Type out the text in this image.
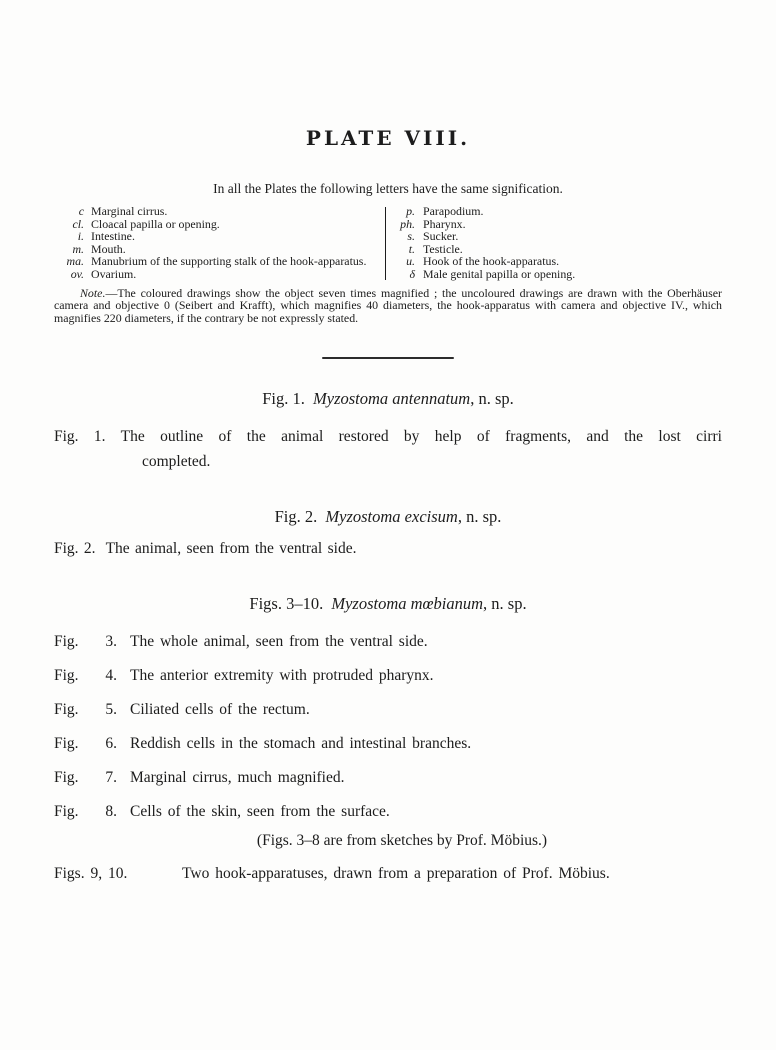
PLATE VIII.

In all the Plates the following letters have the same signification.

c Marginal cirrus.
cl. Cloacal papilla or opening.
i. Intestine.
m. Mouth.
ma. Manubrium of the supporting stalk of the hook-apparatus.
ov. Ovarium.
p. Parapodium.
ph. Pharynx.
s. Sucker.
t. Testicle.
u. Hook of the hook-apparatus.
δ Male genital papilla or opening.

Note.—The coloured drawings show the object seven times magnified ; the uncoloured drawings are drawn with the Oberhäuser camera and objective 0 (Seibert and Krafft), which magnifies 40 diameters, the hook-apparatus with camera and objective IV., which magnifies 220 diameters, if the contrary be not expressly stated.

Fig. 1. Myzostoma antennatum, n. sp.

Fig. 1. The outline of the animal restored by help of fragments, and the lost cirri

completed.

Fig. 2. Myzostoma excisum, n. sp.

Fig. 2. The animal, seen from the ventral side.

Figs. 3–10. Myzostoma mœbianum, n. sp.
Fig.	3. The whole animal, seen from the ventral side.
Fig.	4. The anterior extremity with protruded pharynx.
Fig.	5. Ciliated cells of the rectum.
Fig.	6. Reddish cells in the stomach and intestinal branches.
Fig.	7. Marginal cirrus, much magnified.
Fig.	8. Cells of the skin, seen from the surface.

(Figs. 3–8 are from sketches by Prof. Möbius.)

Figs. 9, 10.	Two hook-apparatuses, drawn from a preparation of Prof. Möbius.
